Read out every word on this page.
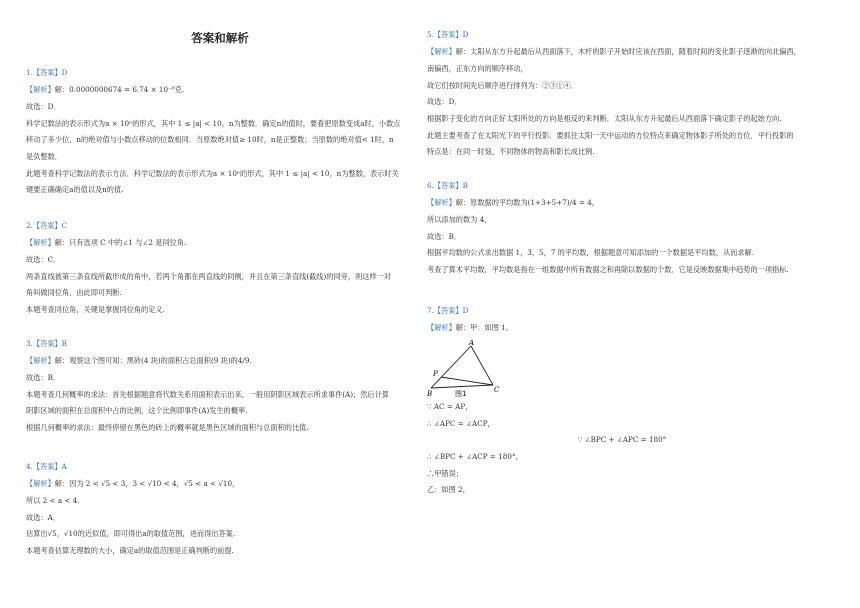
答案和解析

1.【答案】D

【解析】解：0.0000000674 = 6.74 × 10⁻⁸克.

故选：D．

科学记数法的表示形式为a × 10ⁿ的形式，其中 1 ≤ |a| < 10，n为整数．确定n的值时，要看把原数变成a时，小数点

移动了多少位，n的绝对值与小数点移动的位数相同．当原数绝对值≥ 10时，n是正整数；当原数的绝对值< 1时，n

是负整数．

此题考查科学记数法的表示方法．科学记数法的表示形式为a × 10ⁿ的形式，其中 1 ≤ |a| < 10，n为整数，表示时关

键要正确确定a的值以及n的值.

2.【答案】C

【解析】解：只有选项 C 中的∠1 与∠2 是同位角.

故选：C．

两条直线被第三条直线所截形成的角中，若两个角都在两直线的同侧，并且在第三条直线(截线)的同旁，则这样一对

角叫做同位角，由此即可判断.

本题考查同位角，关键是掌握同位角的定义.

3.【答案】B

【解析】解：观察这个图可知：黑砖(4 块)的面积占总面积(9 块)的4/9.

故选：B．

本题考查几何概率的求法：首先根据题意将代数关系用面积表示出来，一般用阴影区域表示所求事件(A)；然后计算

阴影区域的面积在总面积中占的比例，这个比例即事件(A)发生的概率.

根据几何概率的求法：最终停留在黑色的砖上的概率就是黑色区域的面积与总面积的比值.

4.【答案】A

【解析】解：因为 2 < √5 < 3，3 < √10 < 4，√5 < a < √10，

所以 2 < a < 4．

故选：A．

估算出√5，√10的近似值，即可得出a的取值范围，进而得出答案.

本题考查估算无理数的大小，确定a的取值范围是正确判断的前提.

5.【答案】D

【解析】解：太阳从东方升起最后从西面落下，木杆的影子开始时应该在西面，随着时间的变化影子逐渐的向北偏西，

南偏西，正东方向的顺序移动，

故它们按时间先后顺序进行排列为：②③①④．

故选：D．

根据影子变化的方向正好太阳所处的方向是相反的来判断．太阳从东方升起最后从西面落下确定影子的起始方向.

此题主要考查了在太阳光下的平行投影．要抓住太阳一天中运动的方位特点来确定物体影子所处的方位．平行投影的

特点是：在同一时刻，不同物体的物高和影长成比例.

6.【答案】B

【解析】解：原数据的平均数为(1+3+5+7)/4 = 4，

所以添加的数为 4，

故选：B．

根据平均数的公式求出数据 1，3，5，7 的平均数，根据题意可知添加的一个数据是平均数，从而求解.

考查了算术平均数，平均数是指在一组数据中所有数据之和再除以数据的个数．它是反映数据集中趋势的一项指标.

7.【答案】D

【解析】解：甲：如图 1，

A
P
B	C
图1

∵ AC = AP，

∴ ∠APC = ∠ACP，

∵ ∠BPC + ∠APC = 180°

∴ ∠BPC + ∠ACP = 180°，

∴甲错误；

乙：如图 2，
